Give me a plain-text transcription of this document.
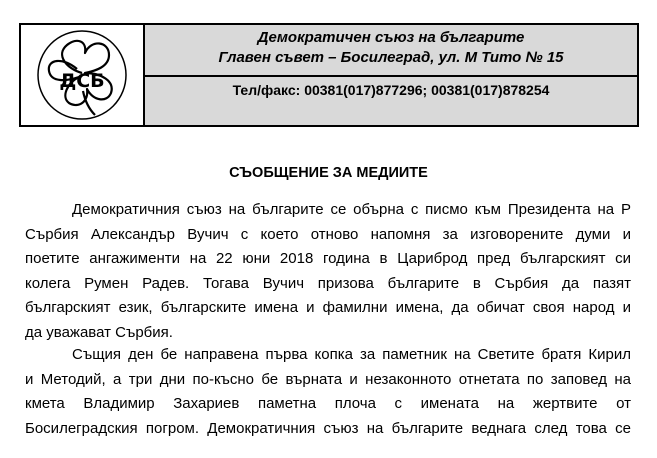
ДСБ
Демократичен съюз на българите
Главен съвет – Босилеград, ул. М Тито № 15
Тел/факс: 00381(017)877296; 00381(017)878254
СЪОБЩЕНИЕ ЗА МЕДИИТЕ
Демократичния съюз на българите се обърна с писмо към Президента на Р
Сърбия Александър Вучич с което отново напомня за изговорените думи и
поетите ангажименти на 22 юни 2018 година в Цариброд пред българският си
колега Румен Радев. Тогава Вучич призова българите в Сърбия да пазят
българският език, българските имена и фамилни имена, да обичат своя народ и
да уважават Сърбия.
Същия ден бе направена първа копка за паметник на Светите братя Кирил
и Методий, а три дни по-късно бе върната и незаконното отнетата по заповед на
кмета Владимир Захариев паметна плоча с имената на жертвите от
Босилеградския погром. Демократичния съюз на българите веднага след това се
